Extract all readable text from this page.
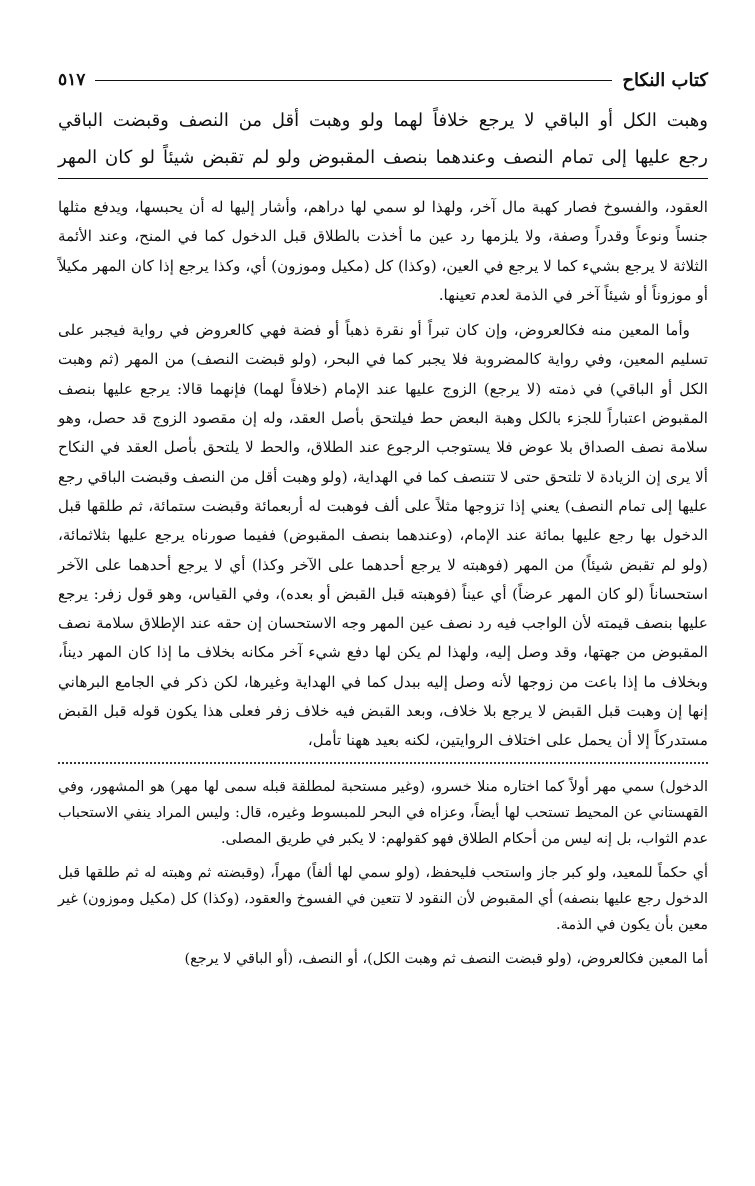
كتاب النكاح
٥١٧
وهبت الكل أو الباقي لا يرجع خلافاً لهما ولو وهبت أقل من النصف وقبضت الباقي
رجع عليها إلى تمام النصف وعندهما بنصف المقبوض ولو لم تقبض شيئاً لو كان المهر

العقود، والفسوخ فصار كهبة مال آخر، ولهذا لو سمي لها دراهم، وأشار إليها له أن يحبسها، ويدفع مثلها جنساً ونوعاً وقدراً وصفة، ولا يلزمها رد عين ما أخذت بالطلاق قبل الدخول كما في المنح، وعند الأئمة الثلاثة لا يرجع بشيء كما لا يرجع في العين، (وكذا) كل (مكيل وموزون) أي، وكذا يرجع إذا كان المهر مكيلاً أو موزوناً أو شيئاً آخر في الذمة لعدم تعينها.

وأما المعين منه فكالعروض، وإن كان تبراً أو نقرة ذهباً أو فضة فهي كالعروض في رواية فيجبر على تسليم المعين، وفي رواية كالمضروبة فلا يجبر كما في البحر، (ولو قبضت النصف) من المهر (ثم وهبت الكل أو الباقي) في ذمته (لا يرجع) الزوج عليها عند الإمام (خلافاً لهما) فإنهما قالا: يرجع عليها بنصف المقبوض اعتباراً للجزء بالكل وهبة البعض حط فيلتحق بأصل العقد، وله إن مقصود الزوج قد حصل، وهو سلامة نصف الصداق بلا عوض فلا يستوجب الرجوع عند الطلاق، والحط لا يلتحق بأصل العقد في النكاح ألا يرى إن الزيادة لا تلتحق حتى لا تتنصف كما في الهداية، (ولو وهبت أقل من النصف وقبضت الباقي رجع عليها إلى تمام النصف) يعني إذا تزوجها مثلاً على ألف فوهبت له أربعمائة وقبضت ستمائة، ثم طلقها قبل الدخول بها رجع عليها بمائة عند الإمام، (وعندهما بنصف المقبوض) ففيما صورناه يرجع عليها بثلاثمائة، (ولو لم تقبض شيئاً) من المهر (فوهبته لا يرجع أحدهما على الآخر وكذا) أي لا يرجع أحدهما على الآخر استحساناً (لو كان المهر عرضاً) أي عيناً (فوهبته قبل القبض أو بعده)، وفي القياس، وهو قول زفر: يرجع عليها بنصف قيمته لأن الواجب فيه رد نصف عين المهر وجه الاستحسان إن حقه عند الإطلاق سلامة نصف المقبوض من جهتها، وقد وصل إليه، ولهذا لم يكن لها دفع شيء آخر مكانه بخلاف ما إذا كان المهر ديناً، وبخلاف ما إذا باعت من زوجها لأنه وصل إليه ببدل كما في الهداية وغيرها، لكن ذكر في الجامع البرهاني إنها إن وهبت قبل القبض لا يرجع بلا خلاف، وبعد القبض فيه خلاف زفر فعلى هذا يكون قوله قبل القبض مستدركاً إلا أن يحمل على اختلاف الروايتين، لكنه بعيد ههنا تأمل،

الدخول) سمي مهر أولاً كما اختاره منلا خسرو، (وغير مستحبة لمطلقة قبله سمى لها مهر) هو المشهور، وفي القهستاني عن المحيط تستحب لها أيضاً، وعزاه في البحر للمبسوط وغيره، قال: وليس المراد ينفي الاستحباب عدم الثواب، بل إنه ليس من أحكام الطلاق فهو كقولهم: لا يكبر في طريق المصلى.

أي حكماً للمعيد، ولو كبر جاز واستحب فليحفظ، (ولو سمي لها ألفاً) مهراً، (وقبضته ثم وهبته له ثم طلقها قبل الدخول رجع عليها بنصفه) أي المقبوض لأن النقود لا تتعين في الفسوخ والعقود، (وكذا) كل (مكيل وموزون) غير معين بأن يكون في الذمة.

أما المعين فكالعروض، (ولو قبضت النصف ثم وهبت الكل)، أو النصف، (أو الباقي لا يرجع)
